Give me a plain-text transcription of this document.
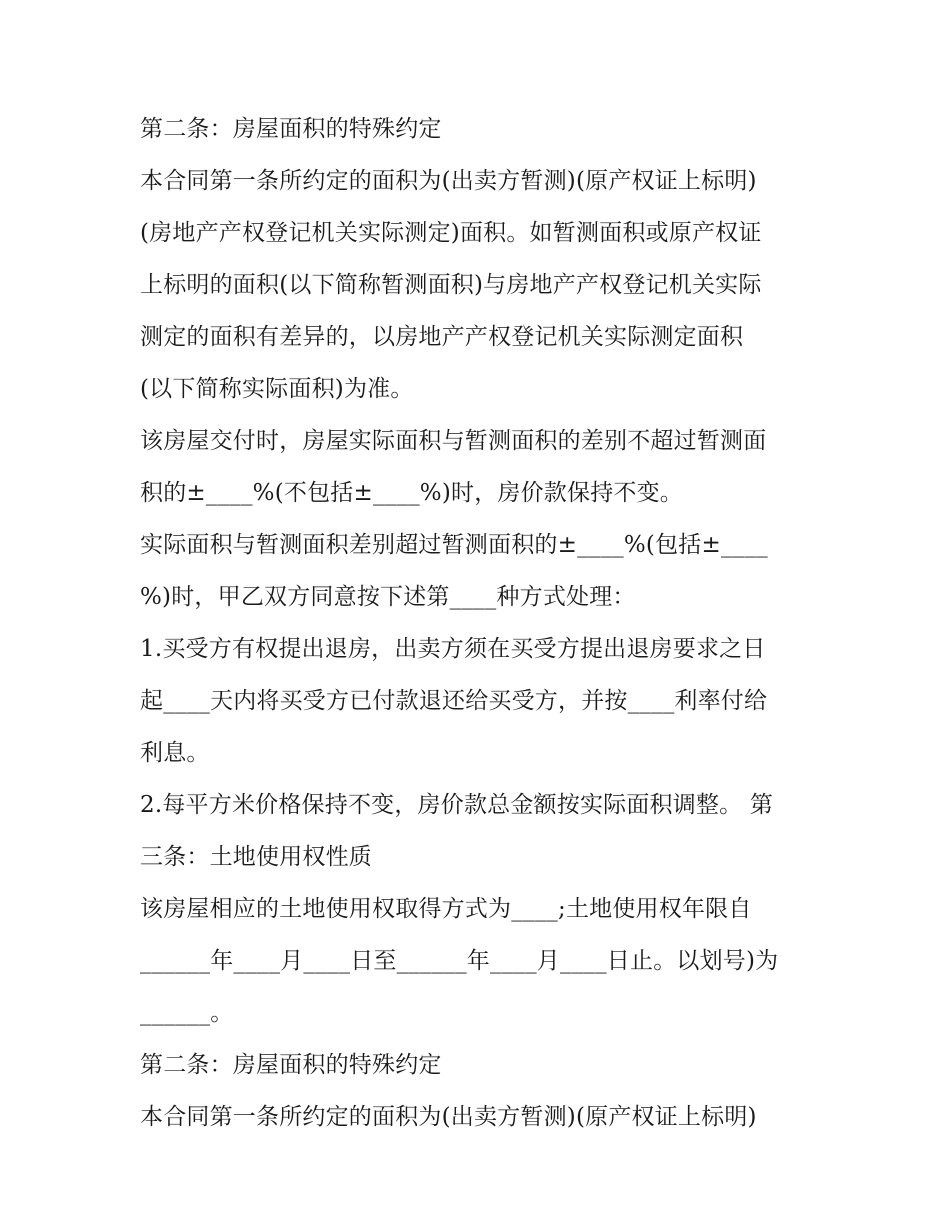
第二条：房屋面积的特殊约定
本合同第一条所约定的面积为(出卖方暂测)(原产权证上标明)
(房地产产权登记机关实际测定)面积。如暂测面积或原产权证
上标明的面积(以下简称暂测面积)与房地产产权登记机关实际
测定的面积有差异的，以房地产产权登记机关实际测定面积
(以下简称实际面积)为准。
该房屋交付时，房屋实际面积与暂测面积的差别不超过暂测面
积的±____%(不包括±____%)时，房价款保持不变。
实际面积与暂测面积差别超过暂测面积的±____%(包括±____
%)时，甲乙双方同意按下述第____种方式处理：
1.买受方有权提出退房，出卖方须在买受方提出退房要求之日
起____天内将买受方已付款退还给买受方，并按____利率付给
利息。
2.每平方米价格保持不变，房价款总金额按实际面积调整。 第
三条：土地使用权性质
该房屋相应的土地使用权取得方式为____;土地使用权年限自
______年____月____日至______年____月____日止。以划号)为
______。
第二条：房屋面积的特殊约定
本合同第一条所约定的面积为(出卖方暂测)(原产权证上标明)
